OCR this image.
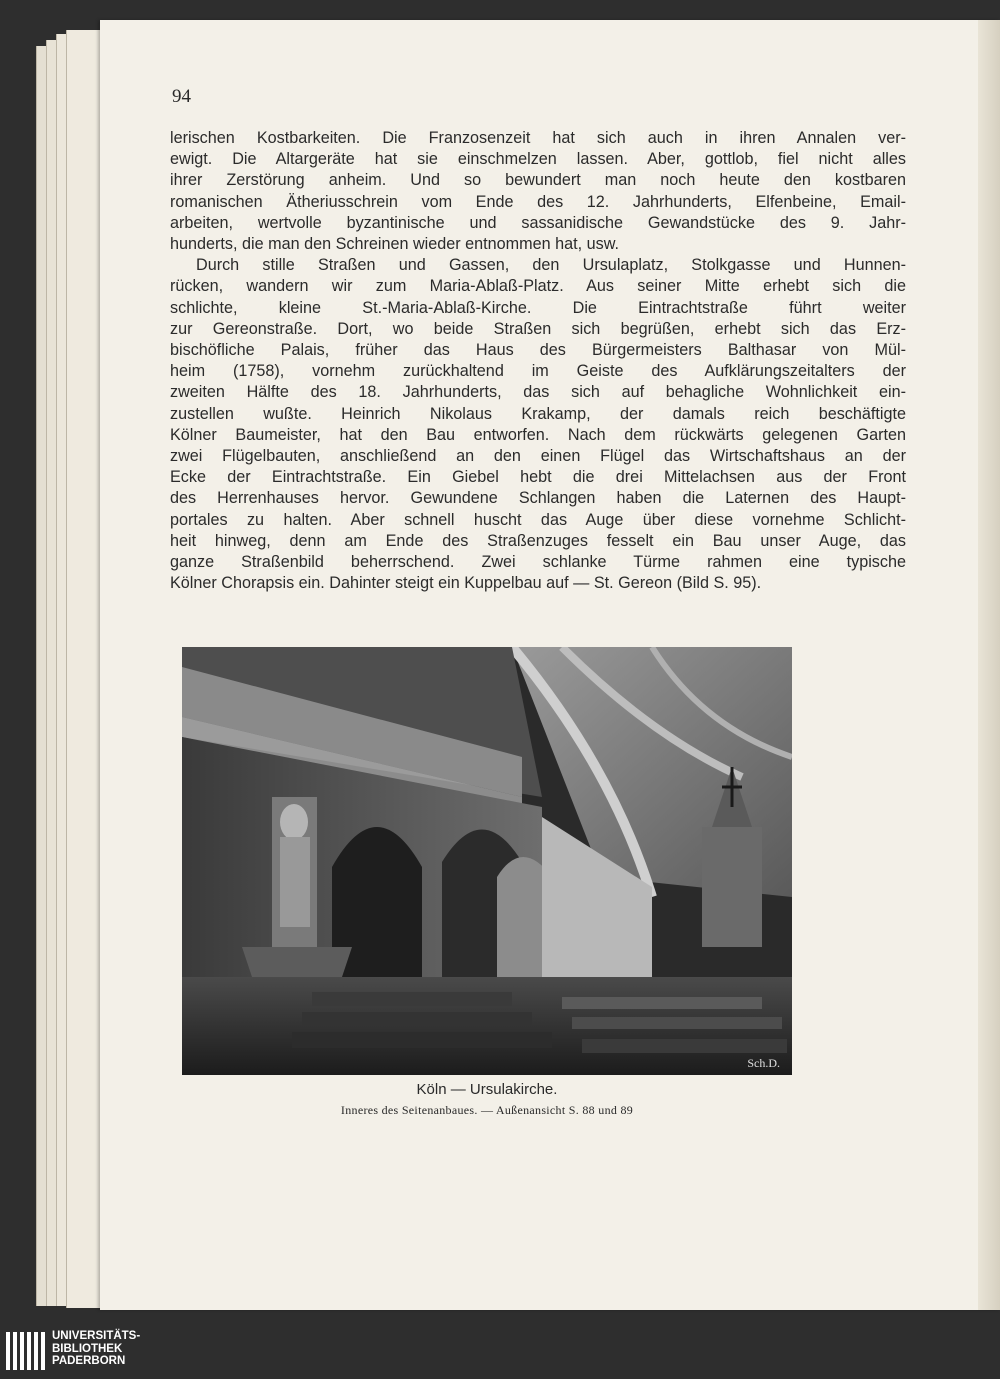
94
lerischen Kostbarkeiten. Die Franzosenzeit hat sich auch in ihren Annalen ver-
ewigt. Die Altargeräte hat sie einschmelzen lassen. Aber, gottlob, fiel nicht alles
ihrer Zerstörung anheim. Und so bewundert man noch heute den kostbaren
romanischen Ätheriusschrein vom Ende des 12. Jahrhunderts, Elfenbeine, Email-
arbeiten, wertvolle byzantinische und sassanidische Gewandstücke des 9. Jahr-
hunderts, die man den Schreinen wieder entnommen hat, usw.
Durch stille Straßen und Gassen, den Ursulaplatz, Stolkgasse und Hunnen-
rücken, wandern wir zum Maria-Ablaß-Platz. Aus seiner Mitte erhebt sich die
schlichte, kleine St.-Maria-Ablaß-Kirche. Die Eintrachtstraße führt weiter
zur Gereonstraße. Dort, wo beide Straßen sich begrüßen, erhebt sich das Erz-
bischöfliche Palais, früher das Haus des Bürgermeisters Balthasar von Mül-
heim (1758), vornehm zurückhaltend im Geiste des Aufklärungszeitalters der
zweiten Hälfte des 18. Jahrhunderts, das sich auf behagliche Wohnlichkeit ein-
zustellen wußte. Heinrich Nikolaus Krakamp, der damals reich beschäftigte
Kölner Baumeister, hat den Bau entworfen. Nach dem rückwärts gelegenen Garten
zwei Flügelbauten, anschließend an den einen Flügel das Wirtschaftshaus an der
Ecke der Eintrachtstraße. Ein Giebel hebt die drei Mittelachsen aus der Front
des Herrenhauses hervor. Gewundene Schlangen haben die Laternen des Haupt-
portales zu halten. Aber schnell huscht das Auge über diese vornehme Schlicht-
heit hinweg, denn am Ende des Straßenzuges fesselt ein Bau unser Auge, das
ganze Straßenbild beherrschend. Zwei schlanke Türme rahmen eine typische
Kölner Chorapsis ein. Dahinter steigt ein Kuppelbau auf — St. Gereon (Bild S. 95).
Sch.D.
Köln — Ursulakirche.
Inneres des Seitenanbaues. — Außenansicht S. 88 und 89
UNIVERSITÄTS-
BIBLIOTHEK
PADERBORN
